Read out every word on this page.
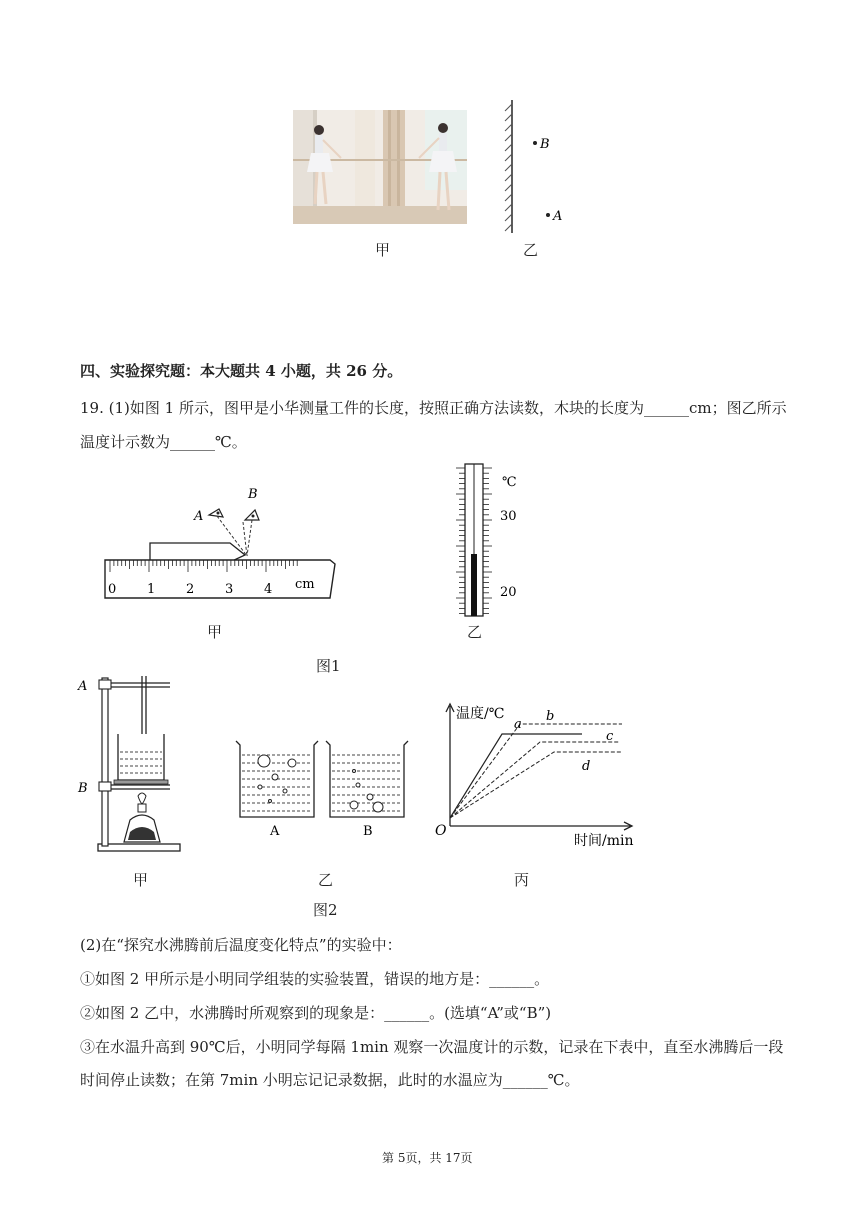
甲
B
A
乙
四、实验探究题：本大题共 4 小题，共 26 分。
19. (1)如图 1 所示，图甲是小华测量工件的长度，按照正确方法读数，木块的长度为______cm；图乙所示
温度计示数为______℃。
A
B
0 1 2 3 4 cm
甲
℃
30
20
乙
图1
A
B
甲
A	B
乙
温度/℃
时间/min
O
a
b
c
d
丙
图2
(2)在“探究水沸腾前后温度变化特点”的实验中：
①如图 2 甲所示是小明同学组装的实验装置，错误的地方是：______。
②如图 2 乙中，水沸腾时所观察到的现象是：______。(选填“A”或“B”)
③在水温升高到 90℃后，小明同学每隔 1min 观察一次温度计的示数，记录在下表中，直至水沸腾后一段
时间停止读数；在第 7min 小明忘记记录数据，此时的水温应为______℃。
第 5页，共 17页
